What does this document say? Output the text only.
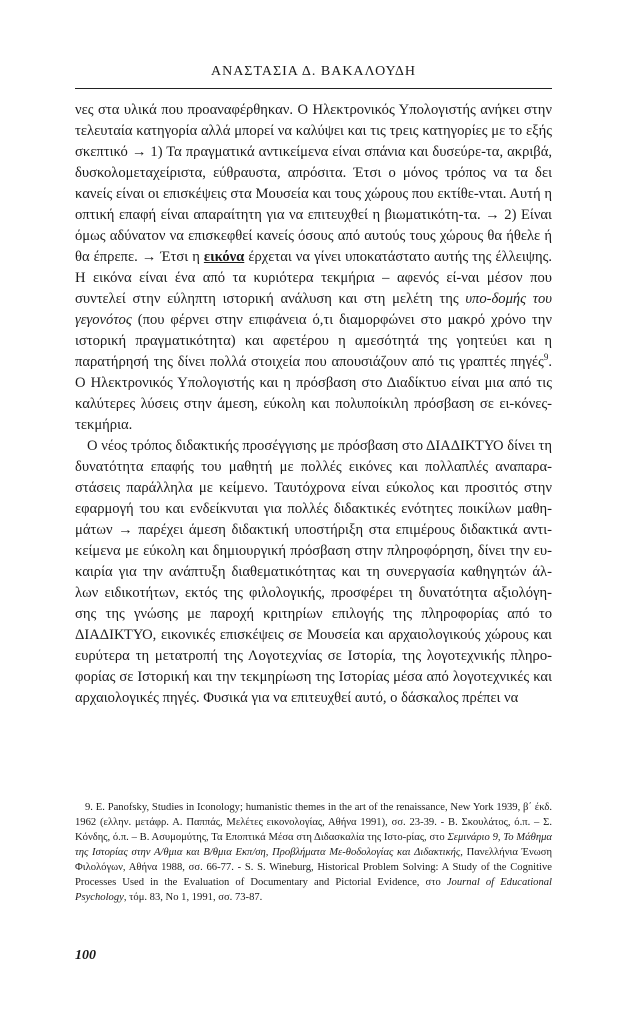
ΑΝΑΣΤΑΣΙΑ Δ. ΒΑΚΑΛΟΥΔΗ

νες στα υλικά που προαναφέρθηκαν. Ο Ηλεκτρονικός Υπολογιστής ανήκει στην τελευταία κατηγορία αλλά μπορεί να καλύψει και τις τρεις κατηγορίες με το εξής σκεπτικό → 1) Τα πραγματικά αντικείμενα είναι σπάνια και δυσεύρε-τα, ακριβά, δυσκολομεταχείριστα, εύθραυστα, απρόσιτα. Έτσι ο μόνος τρόπος να τα δει κανείς είναι οι επισκέψεις στα Μουσεία και τους χώρους που εκτίθε-νται. Αυτή η οπτική επαφή είναι απαραίτητη για να επιτευχθεί η βιωματικότη-τα. → 2) Είναι όμως αδύνατον να επισκεφθεί κανείς όσους από αυτούς τους χώρους θα ήθελε ή θα έπρεπε. → Έτσι η εικόνα έρχεται να γίνει υποκατάστατο αυτής της έλλειψης. Η εικόνα είναι ένα από τα κυριότερα τεκμήρια – αφενός εί-ναι μέσον που συντελεί στην εύληπτη ιστορική ανάλυση και στη μελέτη της υπο-δομής του γεγονότος (που φέρνει στην επιφάνεια ό,τι διαμορφώνει στο μακρό χρόνο την ιστορική πραγματικότητα) και αφετέρου η αμεσότητά της γοητεύει και η παρατήρησή της δίνει πολλά στοιχεία που απουσιάζουν από τις γραπτές πηγές$^9$. Ο Ηλεκτρονικός Υπολογιστής και η πρόσβαση στο Διαδίκτυο είναι μια από τις καλύτερες λύσεις στην άμεση, εύκολη και πολυποίκιλη πρόσβαση σε ει-κόνες-τεκμήρια.

Ο νέος τρόπος διδακτικής προσέγγισης με πρόσβαση στο ΔΙΑΔΙΚΤΥΟ δίνει τη δυνατότητα επαφής του μαθητή με πολλές εικόνες και πολλαπλές αναπαρα-στάσεις παράλληλα με κείμενο. Ταυτόχρονα είναι εύκολος και προσιτός στην εφαρμογή του και ενδείκνυται για πολλές διδακτικές ενότητες ποικίλων μαθη-μάτων → παρέχει άμεση διδακτική υποστήριξη στα επιμέρους διδακτικά αντι-κείμενα με εύκολη και δημιουργική πρόσβαση στην πληροφόρηση, δίνει την ευ-καιρία για την ανάπτυξη διαθεματικότητας και τη συνεργασία καθηγητών άλ-λων ειδικοτήτων, εκτός της φιλολογικής, προσφέρει τη δυνατότητα αξιολόγη-σης της γνώσης με παροχή κριτηρίων επιλογής της πληροφορίας από το ΔΙΑΔΙΚΤΥΟ, εικονικές επισκέψεις σε Μουσεία και αρχαιολογικούς χώρους και ευρύτερα τη μετατροπή της Λογοτεχνίας σε Ιστορία, της λογοτεχνικής πληρο-φορίας σε Ιστορική και την τεκμηρίωση της Ιστορίας μέσα από λογοτεχνικές και αρχαιολογικές πηγές. Φυσικά για να επιτευχθεί αυτό, ο δάσκαλος πρέπει να

9. E. Panofsky, Studies in Iconology; humanistic themes in the art of the renaissance, New York 1939, β΄ έκδ. 1962 (ελλην. μετάφρ. Α. Παππάς, Μελέτες εικονολογίας, Αθήνα 1991), σσ. 23-39. - Β. Σκουλάτος, ό.π. – Σ. Κόνδης, ό.π. – Β. Ασυμομύτης, Τα Εποπτικά Μέσα στη Διδασκαλία της Ιστο-ρίας, στο Σεμινάριο 9, Το Μάθημα της Ιστορίας στην Α/θμια και Β/θμια Εκπ/ση, Προβλήματα Με-θοδολογίας και Διδακτικής, Πανελλήνια Ένωση Φιλολόγων, Αθήνα 1988, σσ. 66-77. - S. S. Wineburg, Historical Problem Solving: A Study of the Cognitive Processes Used in the Evaluation of Documentary and Pictorial Evidence, στο Journal of Educational Psychology, τόμ. 83, No 1, 1991, σσ. 73-87.
100
